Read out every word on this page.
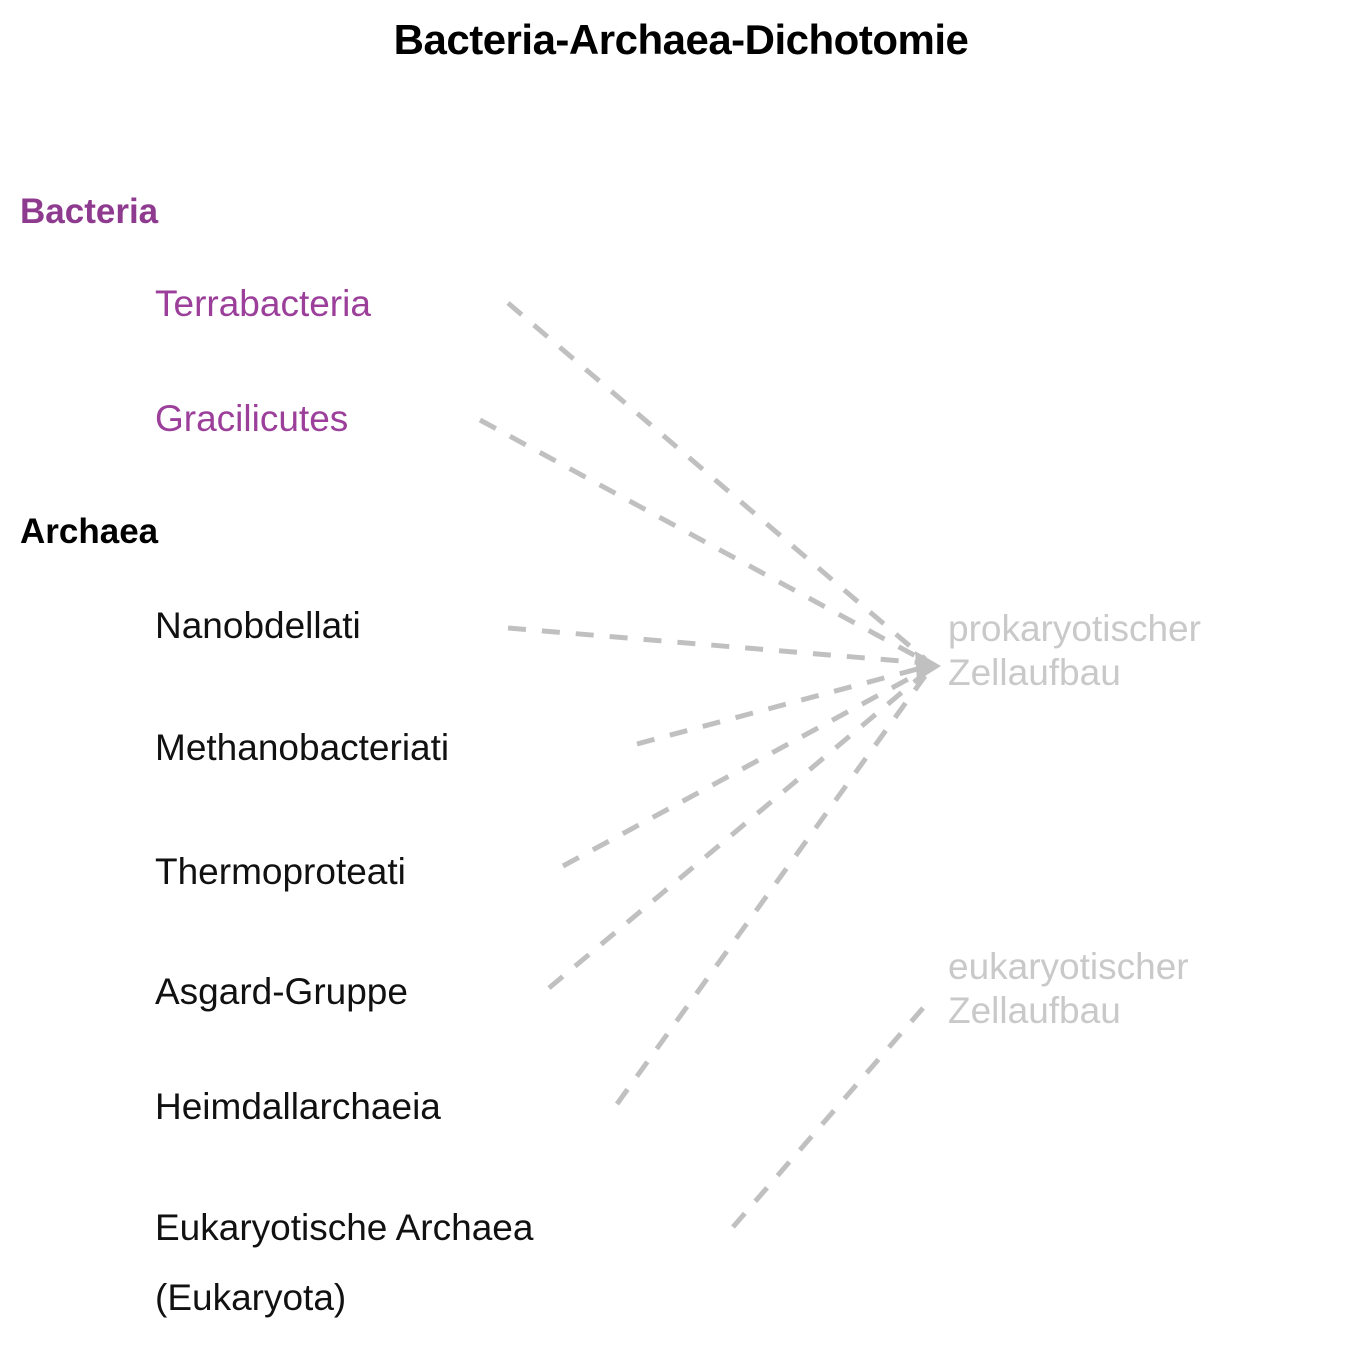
Bacteria-Archaea-Dichotomie
Bacteria
Archaea
Terrabacteria
Gracilicutes
Nanobdellati
Methanobacteriati
Thermoproteati
Asgard-Gruppe
Heimdallarchaeia
Eukaryotische Archaea
(Eukaryota)
prokaryotischer
Zellaufbau
eukaryotischer
Zellaufbau
